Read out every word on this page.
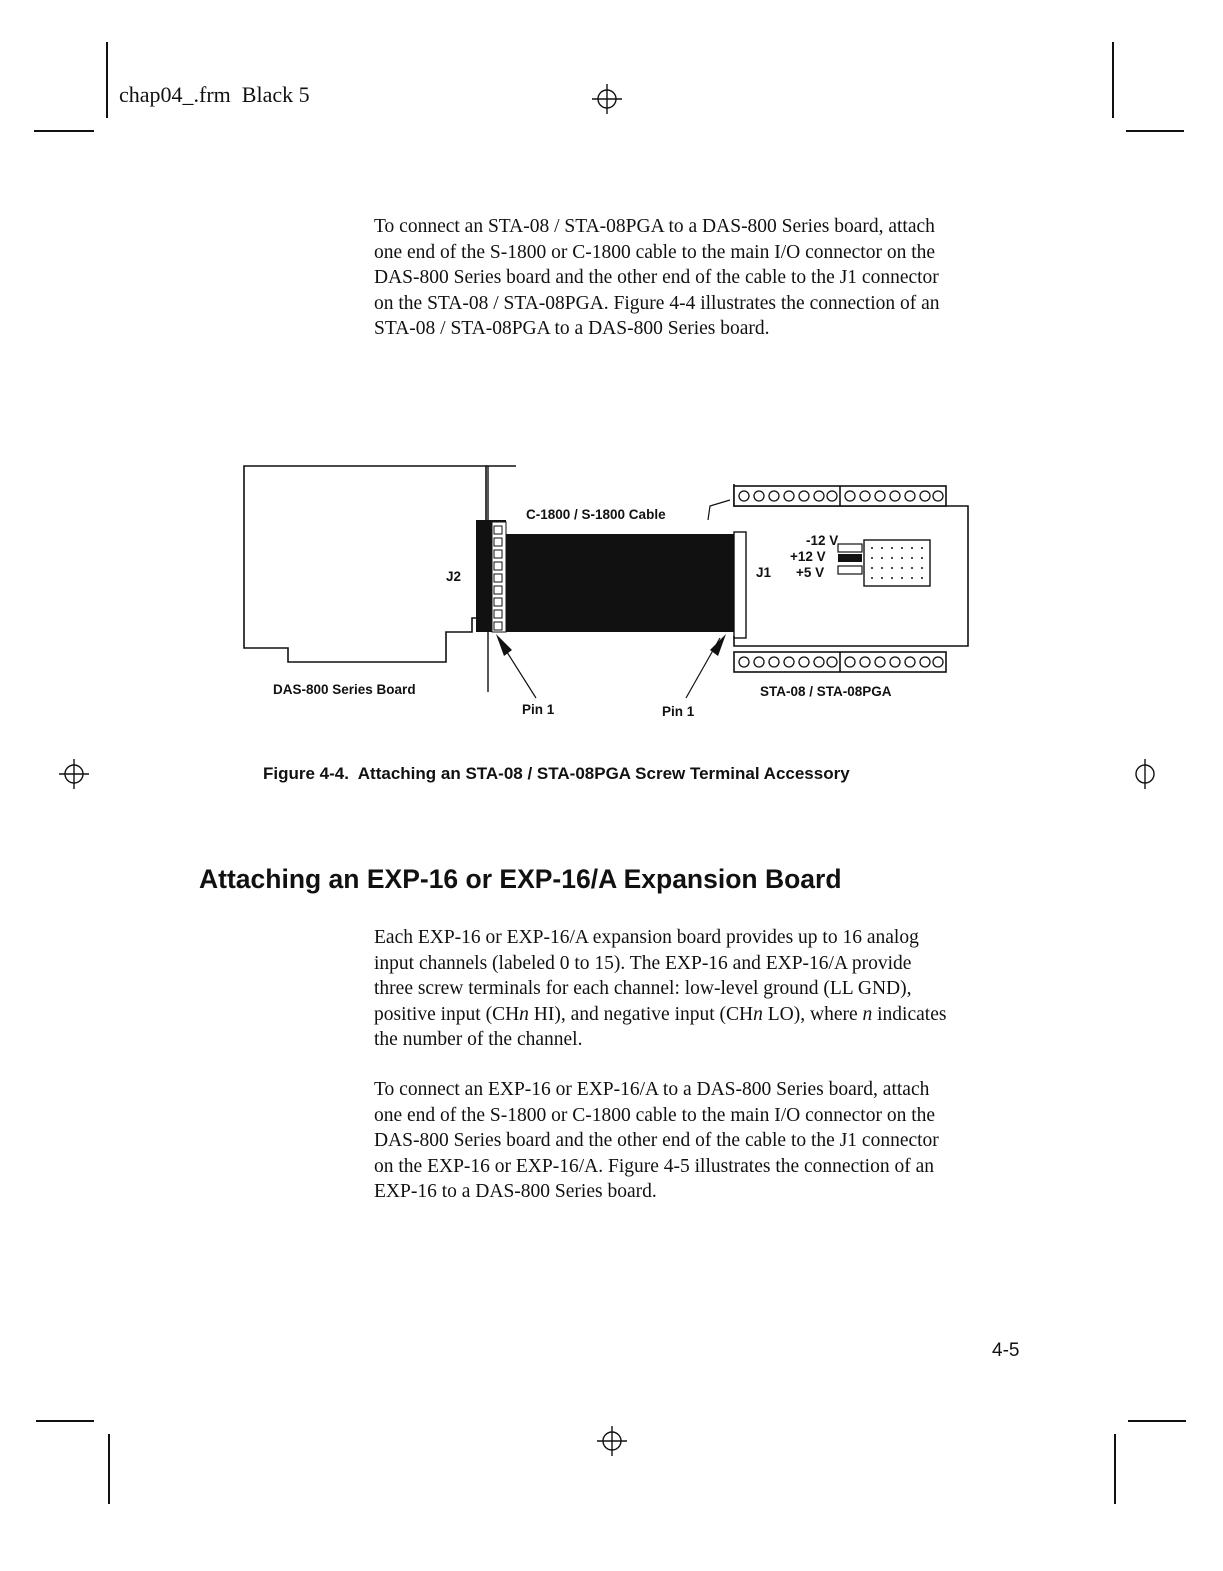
chap04_.frm  Black 5

To connect an STA-08 / STA-08PGA to a DAS-800 Series board, attach

one end of the S-1800 or C-1800 cable to the main I/O connector on the

DAS-800 Series board and the other end of the cable to the J1 connector

on the STA-08 / STA-08PGA. Figure 4-4 illustrates the connection of an

STA-08 / STA-08PGA to a DAS-800 Series board.

C-1800 / S-1800 Cable
J2	J1
-12 V
+12 V
+5 V
DAS-800 Series Board
Pin 1	Pin 1
STA-08 / STA-08PGA
Figure 4-4.  Attaching an STA-08 / STA-08PGA Screw Terminal Accessory
Attaching an EXP-16 or EXP-16/A Expansion Board

Each EXP-16 or EXP-16/A expansion board provides up to 16 analog

input channels (labeled 0 to 15). The EXP-16 and EXP-16/A provide

three screw terminals for each channel: low-level ground (LL GND),

positive input (CHn HI), and negative input (CHn LO), where n indicates

the number of the channel.

To connect an EXP-16 or EXP-16/A to a DAS-800 Series board, attach

one end of the S-1800 or C-1800 cable to the main I/O connector on the

DAS-800 Series board and the other end of the cable to the J1 connector

on the EXP-16 or EXP-16/A. Figure 4-5 illustrates the connection of an

EXP-16 to a DAS-800 Series board.

4-5
